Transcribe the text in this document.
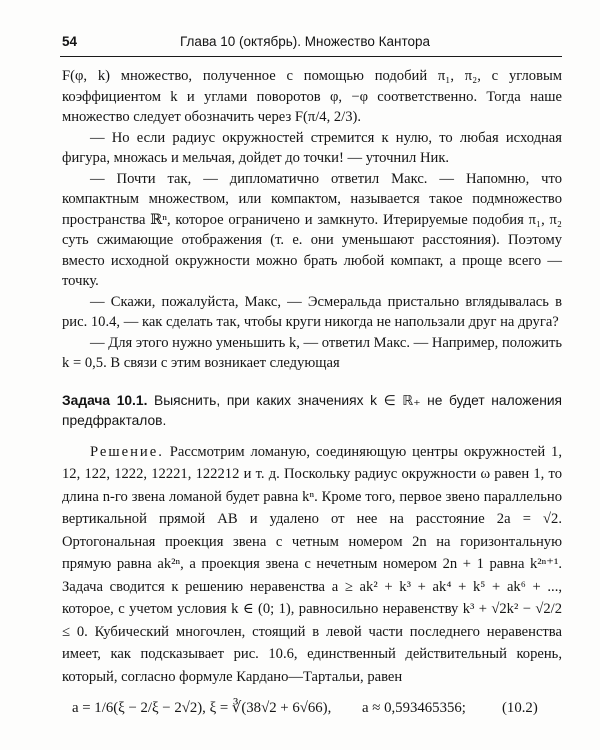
54	Глава 10 (октябрь). Множество Кантора

F(φ, k) множество, полученное с помощью подобий π₁, π₂, с угловым коэффициентом k и углами поворотов φ, −φ соответственно. Тогда наше множество следует обозначить через F(π/4, 2/3).

— Но если радиус окружностей стремится к нулю, то любая исходная фигура, множась и мельчая, дойдет до точки! — уточнил Ник.

— Почти так, — дипломатично ответил Макс. — Напомню, что компактным множеством, или компактом, называется такое подмножество пространства ℝⁿ, которое ограничено и замкнуто. Итерируемые подобия π₁, π₂ суть сжимающие отображения (т. е. они уменьшают расстояния). Поэтому вместо исходной окружности можно брать любой компакт, а проще всего — точку.

— Скажи, пожалуйста, Макс, — Эсмеральда пристально вглядывалась в рис. 10.4, — как сделать так, чтобы круги никогда не напользали друг на друга?

— Для этого нужно уменьшить k, — ответил Макс. — Например, положить k = 0,5. В связи с этим возникает следующая

Задача 10.1. Выяснить, при каких значениях k ∈ ℝ₊ не будет наложения предфракталов.

Решение. Рассмотрим ломаную, соединяющую центры окружностей 1, 12, 122, 1222, 12221, 122212 и т. д. Поскольку радиус окружности ω равен 1, то длина n-го звена ломаной будет равна kⁿ. Кроме того, первое звено параллельно вертикальной прямой AB и удалено от нее на расстояние 2a = √2. Ортогональная проекция звена с четным номером 2n на горизонтальную прямую равна ak²ⁿ, а проекция звена с нечетным номером 2n + 1 равна k²ⁿ⁺¹. Задача сводится к решению неравенства a ≥ ak² + k³ + ak⁴ + k⁵ + ak⁶ + ..., которое, с учетом условия k ∈ (0; 1), равносильно неравенству k³ + √2k² − √2/2 ≤ 0. Кубический многочлен, стоящий в левой части последнего неравенства имеет, как подсказывает рис. 10.6, единственный действительный корень, который, согласно формуле Кардано—Тартальи, равен

a = 1/6(ξ − 2/ξ − 2√2), ξ = ∛(38√2 + 6√66), a ≈ 0,593465356; (10.2)
